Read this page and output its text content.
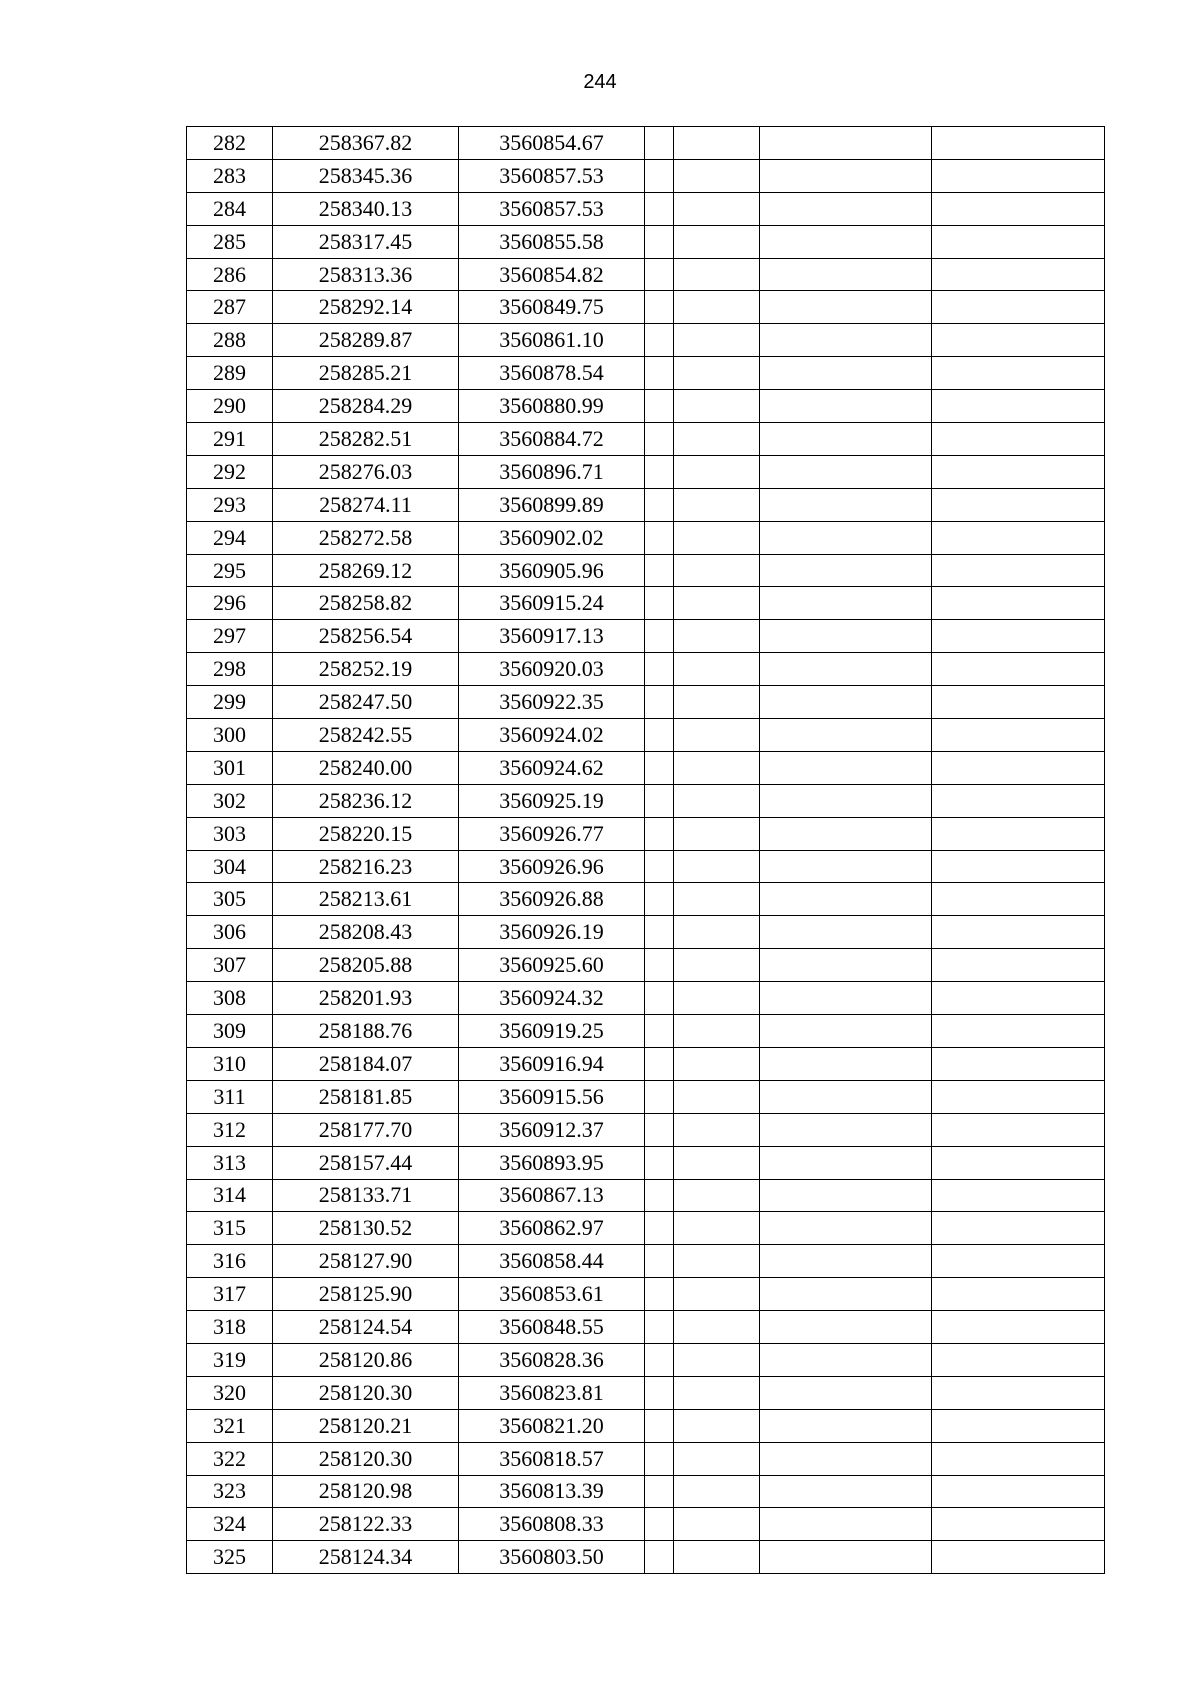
244
282	258367.82	3560854.67				
283	258345.36	3560857.53				
284	258340.13	3560857.53				
285	258317.45	3560855.58				
286	258313.36	3560854.82				
287	258292.14	3560849.75				
288	258289.87	3560861.10				
289	258285.21	3560878.54				
290	258284.29	3560880.99				
291	258282.51	3560884.72				
292	258276.03	3560896.71				
293	258274.11	3560899.89				
294	258272.58	3560902.02				
295	258269.12	3560905.96				
296	258258.82	3560915.24				
297	258256.54	3560917.13				
298	258252.19	3560920.03				
299	258247.50	3560922.35				
300	258242.55	3560924.02				
301	258240.00	3560924.62				
302	258236.12	3560925.19				
303	258220.15	3560926.77				
304	258216.23	3560926.96				
305	258213.61	3560926.88				
306	258208.43	3560926.19				
307	258205.88	3560925.60				
308	258201.93	3560924.32				
309	258188.76	3560919.25				
310	258184.07	3560916.94				
311	258181.85	3560915.56				
312	258177.70	3560912.37				
313	258157.44	3560893.95				
314	258133.71	3560867.13				
315	258130.52	3560862.97				
316	258127.90	3560858.44				
317	258125.90	3560853.61				
318	258124.54	3560848.55				
319	258120.86	3560828.36				
320	258120.30	3560823.81				
321	258120.21	3560821.20				
322	258120.30	3560818.57				
323	258120.98	3560813.39				
324	258122.33	3560808.33				
325	258124.34	3560803.50				
